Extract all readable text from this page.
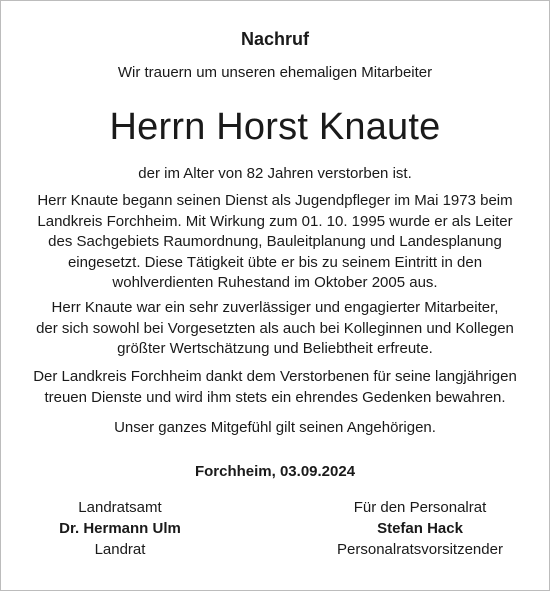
Nachruf
Wir trauern um unseren ehemaligen Mitarbeiter
Herrn Horst Knaute
der im Alter von 82 Jahren verstorben ist.
Herr Knaute begann seinen Dienst als Jugendpfleger im Mai 1973 beim
Landkreis Forchheim. Mit Wirkung zum 01. 10. 1995 wurde er als Leiter
des Sachgebiets Raumordnung, Bauleitplanung und Landesplanung
eingesetzt. Diese Tätigkeit übte er bis zu seinem Eintritt in den
wohlverdienten Ruhestand im Oktober 2005 aus.
Herr Knaute war ein sehr zuverlässiger und engagierter Mitarbeiter,
der sich sowohl bei Vorgesetzten als auch bei Kolleginnen und Kollegen
größter Wertschätzung und Beliebtheit erfreute.
Der Landkreis Forchheim dankt dem Verstorbenen für seine langjährigen
treuen Dienste und wird ihm stets ein ehrendes Gedenken bewahren.
Unser ganzes Mitgefühl gilt seinen Angehörigen.
Forchheim, 03.09.2024
Landratsamt
Dr. Hermann Ulm
Landrat
Für den Personalrat
Stefan Hack
Personalratsvorsitzender
